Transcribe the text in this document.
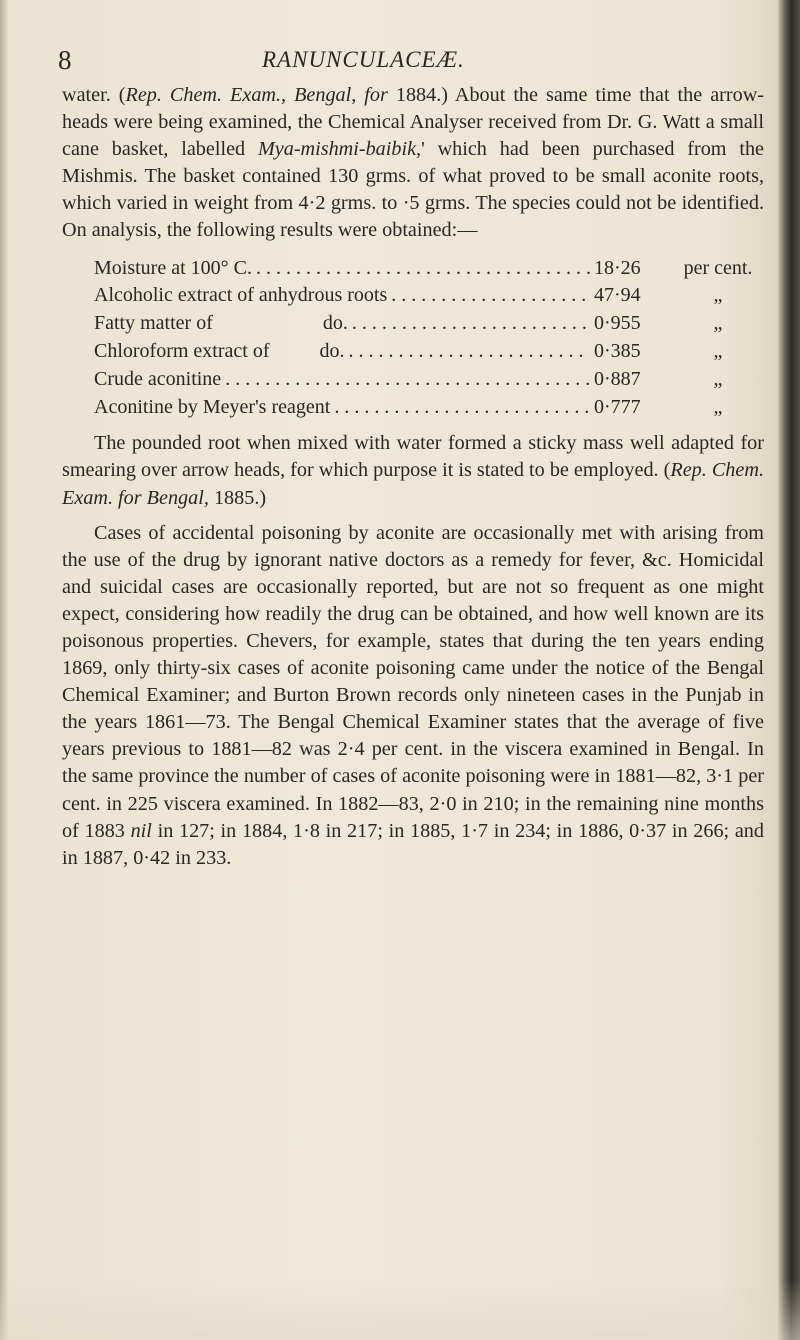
8	RANUNCULACEÆ.

water. (Rep. Chem. Exam., Bengal, for 1884.) About the same time that the arrow-heads were being examined, the Chemical Analyser received from Dr. G. Watt a small cane basket, labelled Mya-mishmi-baibik,' which had been purchased from the Mishmis. The basket contained 130 grms. of what proved to be small aconite roots, which varied in weight from 4·2 grms. to ·5 grms. The species could not be identified. On analysis, the following results were obtained:—

Moisture at 100° C. . . .	18·26	per cent.
Alcoholic extract of anhydrous roots . . .	47·94	„
Fatty matter of	do. . . .	0·955	„
Chloroform extract of	do. . . .	0·385	„
Crude aconitine . . .	0·887	„
Aconitine by Meyer's reagent . . .	0·777	„

The pounded root when mixed with water formed a sticky mass well adapted for smearing over arrow heads, for which purpose it is stated to be employed. (Rep. Chem. Exam. for Bengal, 1885.)

Cases of accidental poisoning by aconite are occasionally met with arising from the use of the drug by ignorant native doctors as a remedy for fever, &c. Homicidal and suicidal cases are occasionally reported, but are not so frequent as one might expect, considering how readily the drug can be obtained, and how well known are its poisonous properties. Chevers, for example, states that during the ten years ending 1869, only thirty-six cases of aconite poisoning came under the notice of the Bengal Chemical Examiner; and Burton Brown records only nineteen cases in the Punjab in the years 1861—73. The Bengal Chemical Examiner states that the average of five years previous to 1881—82 was 2·4 per cent. in the viscera examined in Bengal. In the same province the number of cases of aconite poisoning were in 1881—82, 3·1 per cent. in 225 viscera examined. In 1882—83, 2·0 in 210; in the remaining nine months of 1883 nil in 127; in 1884, 1·8 in 217; in 1885, 1·7 in 234; in 1886, 0·37 in 266; and in 1887, 0·42 in 233.
